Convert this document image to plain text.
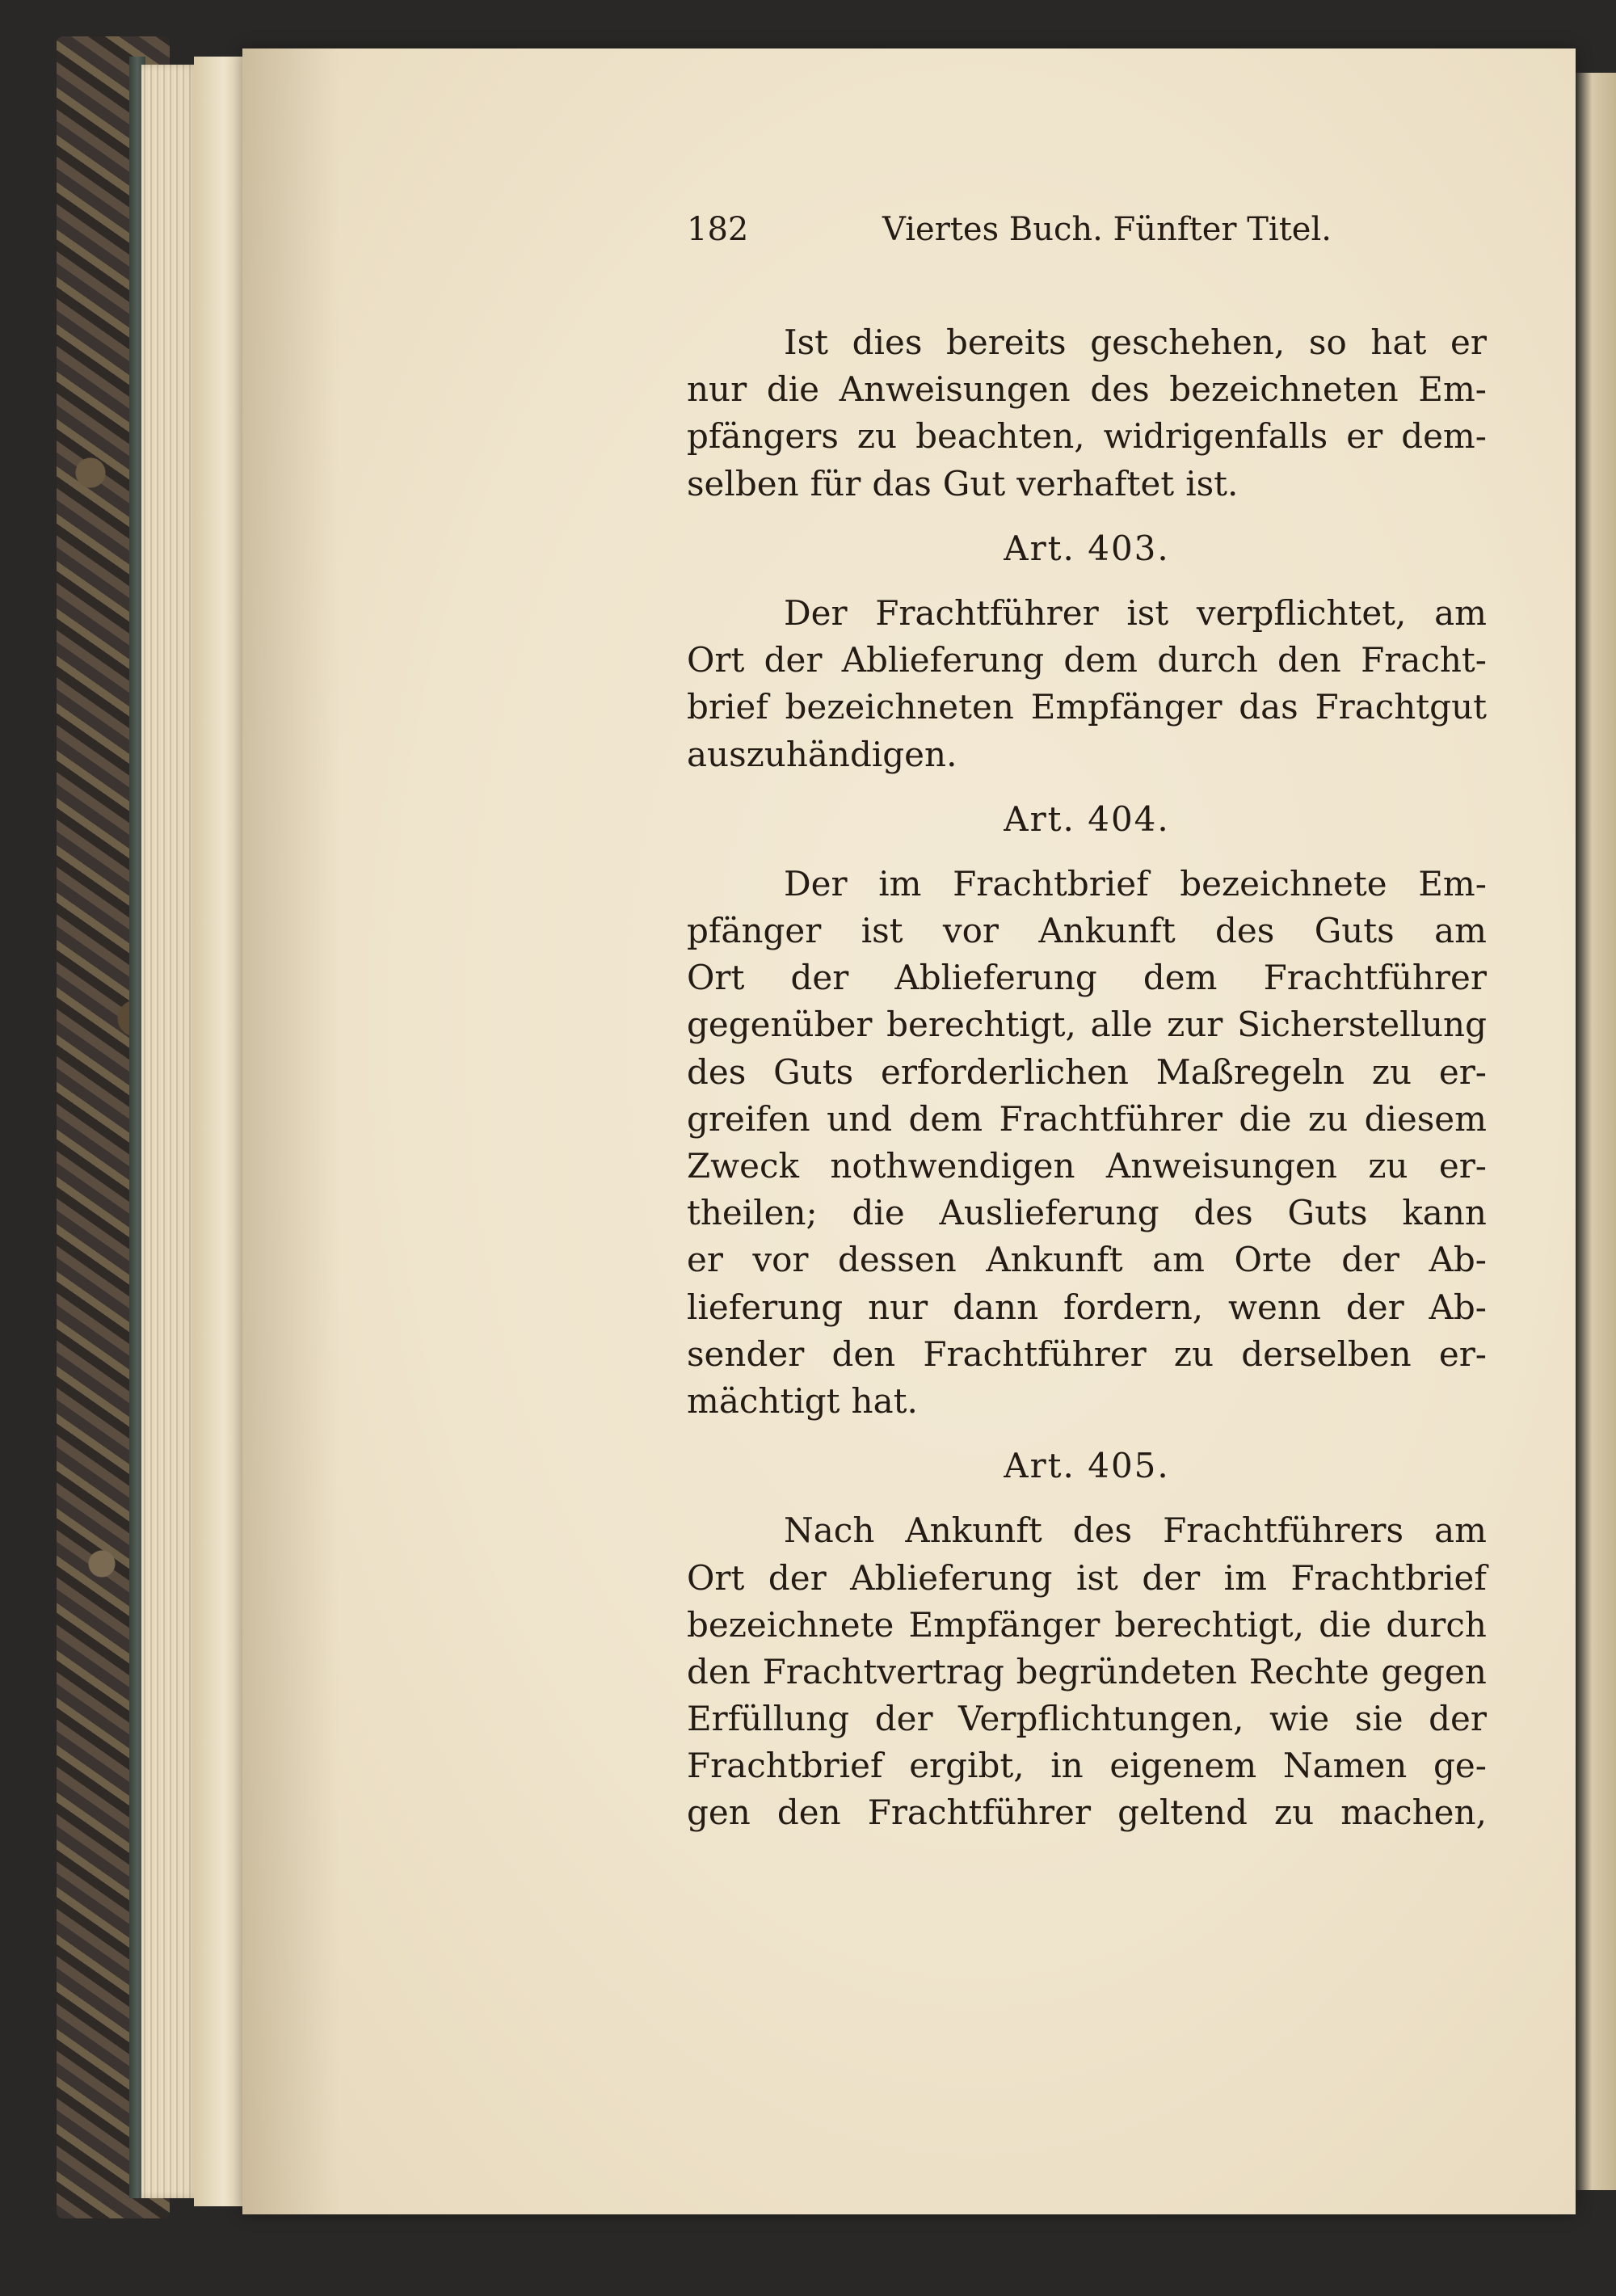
182	Viertes Buch. Fünfter Titel.
Ist dies bereits geschehen, so hat er
nur die Anweisungen des bezeichneten Em-
pfängers zu beachten, widrigenfalls er dem-
selben für das Gut verhaftet ist.
Art. 403.
Der Frachtführer ist verpflichtet, am
Ort der Ablieferung dem durch den Fracht-
brief bezeichneten Empfänger das Frachtgut
auszuhändigen.
Art. 404.
Der im Frachtbrief bezeichnete Em-
pfänger ist vor Ankunft des Guts am
Ort der Ablieferung dem Frachtführer
gegenüber berechtigt, alle zur Sicherstellung
des Guts erforderlichen Maßregeln zu er-
greifen und dem Frachtführer die zu diesem
Zweck nothwendigen Anweisungen zu er-
theilen; die Auslieferung des Guts kann
er vor dessen Ankunft am Orte der Ab-
lieferung nur dann fordern, wenn der Ab-
sender den Frachtführer zu derselben er-
mächtigt hat.
Art. 405.
Nach Ankunft des Frachtführers am
Ort der Ablieferung ist der im Frachtbrief
bezeichnete Empfänger berechtigt, die durch
den Frachtvertrag begründeten Rechte gegen
Erfüllung der Verpflichtungen, wie sie der
Frachtbrief ergibt, in eigenem Namen ge-
gen den Frachtführer geltend zu machen,
